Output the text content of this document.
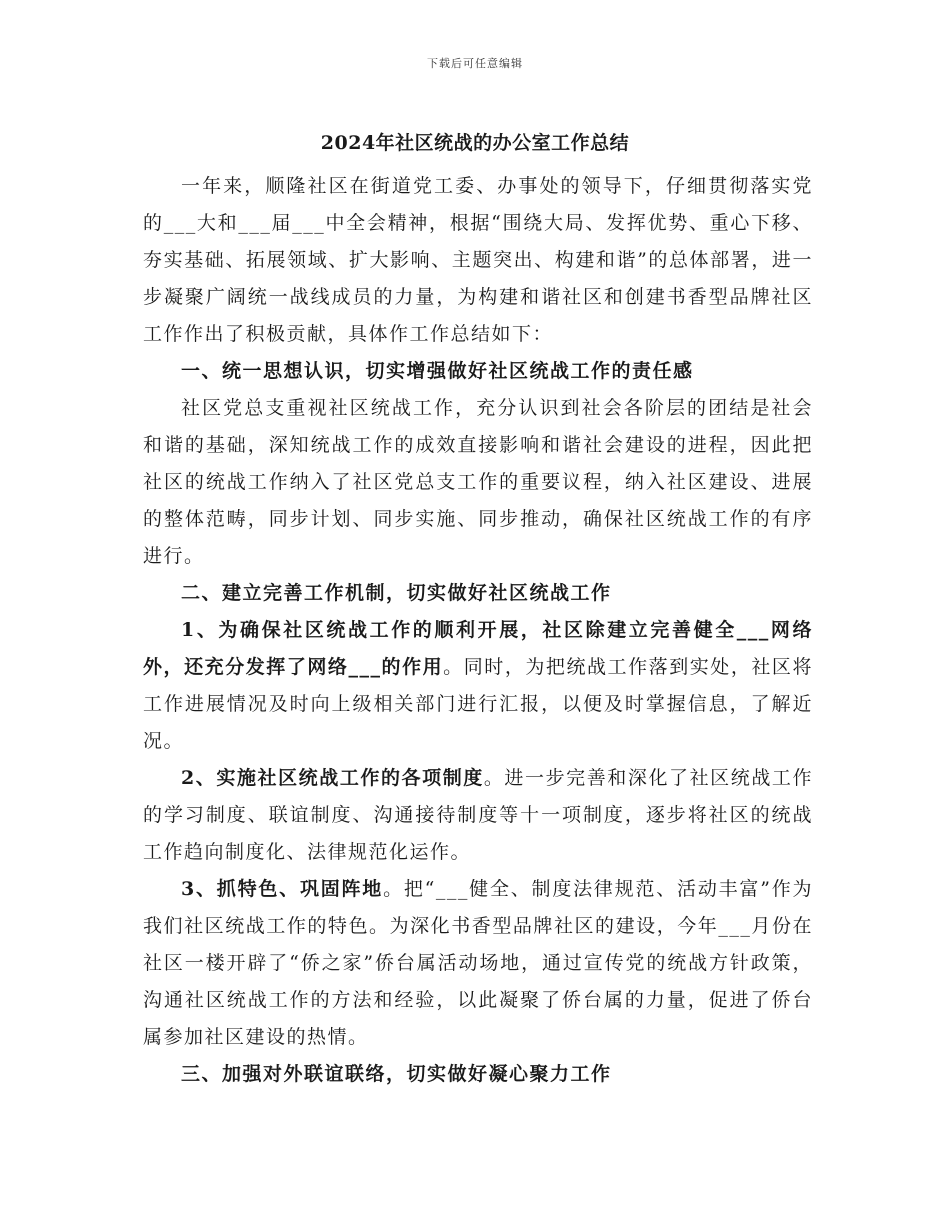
下载后可任意编辑
2024年社区统战的办公室工作总结

一年来，顺隆社区在街道党工委、办事处的领导下，仔细贯彻落实党的___大和___届___中全会精神，根据“围绕大局、发挥优势、重心下移、夯实基础、拓展领域、扩大影响、主题突出、构建和谐”的总体部署，进一步凝聚广阔统一战线成员的力量，为构建和谐社区和创建书香型品牌社区工作作出了积极贡献，具体作工作总结如下：

一、统一思想认识，切实增强做好社区统战工作的责任感

社区党总支重视社区统战工作，充分认识到社会各阶层的团结是社会和谐的基础，深知统战工作的成效直接影响和谐社会建设的进程，因此把社区的统战工作纳入了社区党总支工作的重要议程，纳入社区建设、进展的整体范畴，同步计划、同步实施、同步推动，确保社区统战工作的有序进行。

二、建立完善工作机制，切实做好社区统战工作

1、为确保社区统战工作的顺利开展，社区除建立完善健全___网络外，还充分发挥了网络___的作用。同时，为把统战工作落到实处，社区将工作进展情况及时向上级相关部门进行汇报，以便及时掌握信息，了解近况。

2、实施社区统战工作的各项制度。进一步完善和深化了社区统战工作的学习制度、联谊制度、沟通接待制度等十一项制度，逐步将社区的统战工作趋向制度化、法律规范化运作。

3、抓特色、巩固阵地。把“___健全、制度法律规范、活动丰富”作为我们社区统战工作的特色。为深化书香型品牌社区的建设，今年___月份在社区一楼开辟了“侨之家”侨台属活动场地，通过宣传党的统战方针政策，沟通社区统战工作的方法和经验，以此凝聚了侨台属的力量，促进了侨台属参加社区建设的热情。

三、加强对外联谊联络，切实做好凝心聚力工作
